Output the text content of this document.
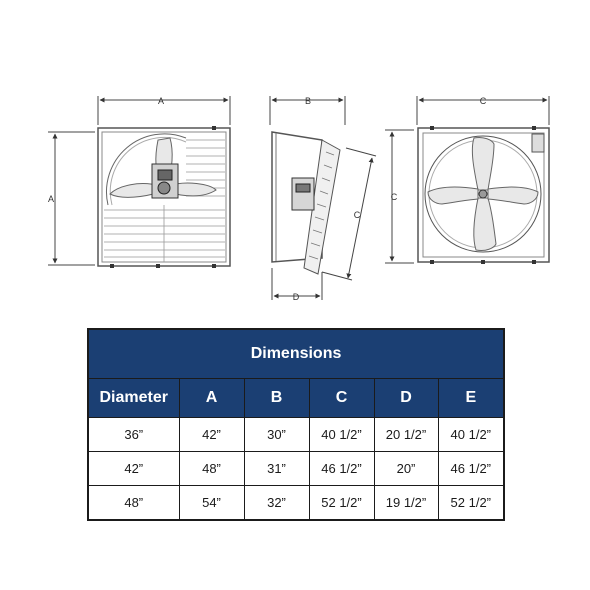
A
A
B
C
D
C
C
Dimensions					
Diameter	A	B	C	D	E
36”	42”	30”	40 1/2”	20 1/2”	40 1/2”
42”	48”	31”	46 1/2”	20”	46 1/2”
48”	54”	32”	52 1/2”	19 1/2”	52 1/2”
